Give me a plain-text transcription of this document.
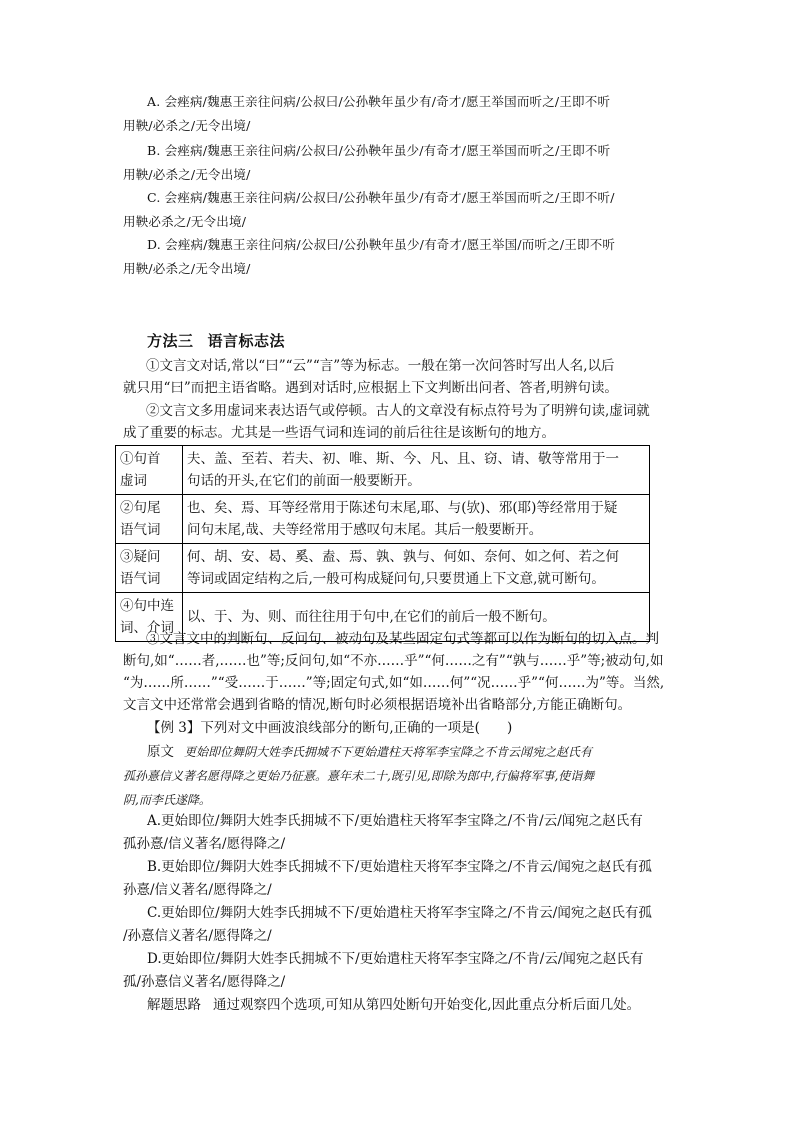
A. 会痤病/魏惠王亲往问病/公叔曰/公孙鞅年虽少有/奇才/愿王举国而听之/王即不听
用鞅/必杀之/无令出境/
B. 会痤病/魏惠王亲往问病/公叔曰/公孙鞅年虽少/有奇才/愿王举国而听之/王即不听
用鞅/必杀之/无令出境/
C. 会痤病/魏惠王亲往问病/公叔曰/公孙鞅年虽少/有奇才/愿王举国而听之/王即不听/
用鞅必杀之/无令出境/
D. 会痤病/魏惠王亲往问病/公叔曰/公孙鞅年虽少/有奇才/愿王举国/而听之/王即不听
用鞅/必杀之/无令出境/
方法三 语言标志法
①文言文对话,常以“曰”“云”“言”等为标志。一般在第一次问答时写出人名,以后
就只用“曰”而把主语省略。遇到对话时,应根据上下文判断出问者、答者,明辨句读。
②文言文多用虚词来表达语气或停顿。古人的文章没有标点符号为了明辨句读,虚词就
成了重要的标志。尤其是一些语气词和连词的前后往往是该断句的地方。
①句首
虚词	夫、盖、至若、若夫、初、唯、斯、今、凡、且、窃、请、敬等常用于一
句话的开头,在它们的前面一般要断开。

②句尾
语气词	也、矣、焉、耳等经常用于陈述句末尾,耶、与(欤)、邪(耶)等经常用于疑
问句末尾,哉、夫等经常用于感叹句末尾。其后一般要断开。

③疑问
语气词	何、胡、安、曷、奚、盍、焉、孰、孰与、何如、奈何、如之何、若之何
等词或固定结构之后,一般可构成疑问句,只要贯通上下文意,就可断句。

④句中连
词、介词	以、于、为、则、而往往用于句中,在它们的前后一般不断句。
③文言文中的判断句、反问句、被动句及某些固定句式等都可以作为断句的切入点。判
断句,如“……者,……也”等;反问句,如“不亦……乎”“何……之有”“孰与……乎”等;被动句,如
“为……所……”“受……于……”等;固定句式,如“如……何”“况……乎”“何……为”等。当然,
文言文中还常常会遇到省略的情况,断句时必须根据语境补出省略部分,方能正确断句。
【例 3】下列对文中画波浪线部分的断句,正确的一项是(　　)
原文 更始即位舞阴大姓李氏拥城不下更始遣柱天将军李宝降之不肯云闻宛之赵氏有
孤孙憙信义著名愿得降之更始乃征憙。憙年未二十,既引见,即除为郎中,行偏将军事,使诣舞
阴,而李氏遂降。
A.更始即位/舞阴大姓李氏拥城不下/更始遣柱天将军李宝降之/不肯/云/闻宛之赵氏有
孤孙憙/信义著名/愿得降之/
B.更始即位/舞阴大姓李氏拥城不下/更始遣柱天将军李宝降之/不肯云/闻宛之赵氏有孤
孙憙/信义著名/愿得降之/
C.更始即位/舞阴大姓李氏拥城不下/更始遣柱天将军李宝降之/不肯云/闻宛之赵氏有孤
/孙憙信义著名/愿得降之/
D.更始即位/舞阴大姓李氏拥城不下/更始遣柱天将军李宝降之/不肯/云/闻宛之赵氏有
孤/孙憙信义著名/愿得降之/
解题思路 通过观察四个选项,可知从第四处断句开始变化,因此重点分析后面几处。
